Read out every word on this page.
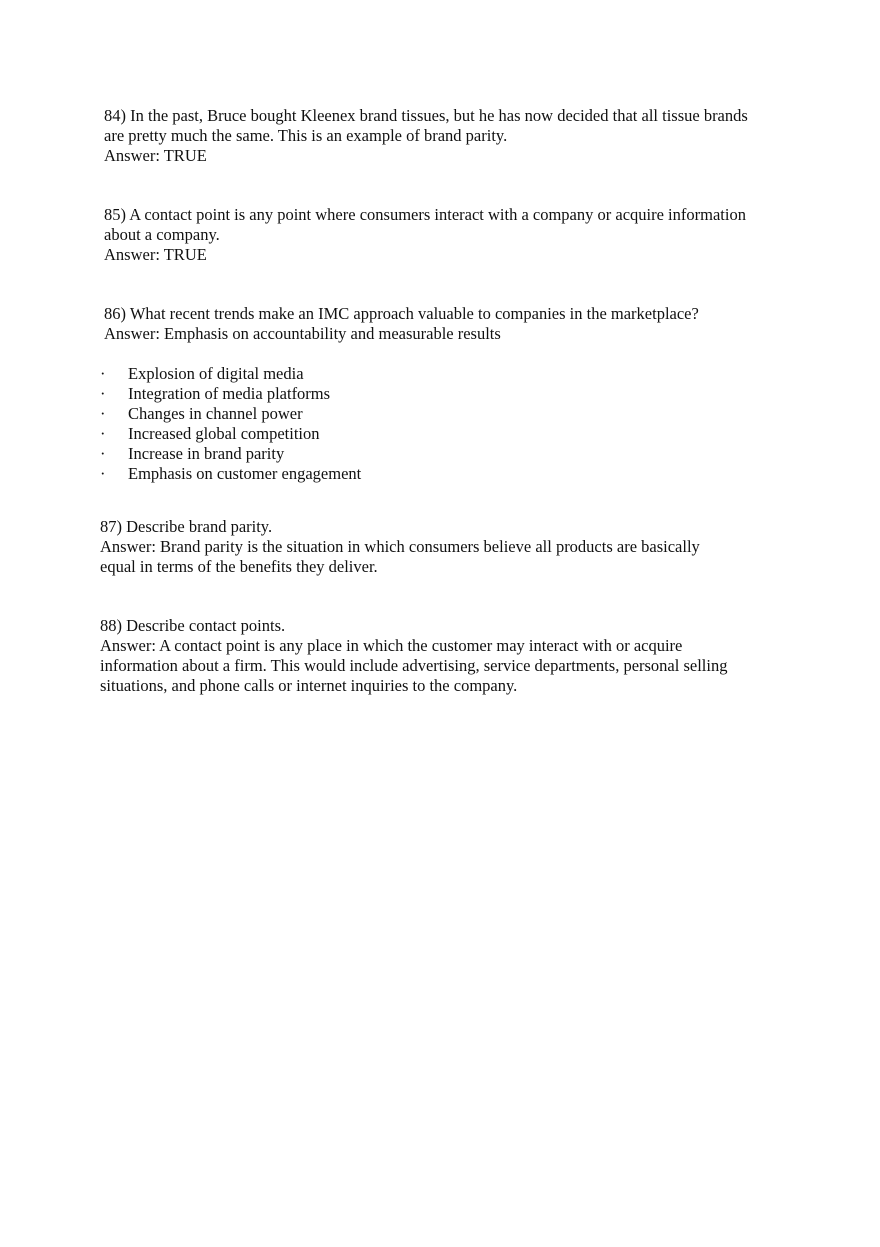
84) In the past, Bruce bought Kleenex brand tissues, but he has now decided that all tissue brands
are pretty much the same. This is an example of brand parity.
Answer: TRUE
85) A contact point is any point where consumers interact with a company or acquire information
about a company.
Answer: TRUE
86) What recent trends make an IMC approach valuable to companies in the marketplace?
Answer: Emphasis on accountability and measurable results
· Explosion of digital media
· Integration of media platforms
· Changes in channel power
· Increased global competition
· Increase in brand parity
· Emphasis on customer engagement
87) Describe brand parity.
Answer: Brand parity is the situation in which consumers believe all products are basically
equal in terms of the benefits they deliver.
88) Describe contact points.
Answer: A contact point is any place in which the customer may interact with or acquire
information about a firm. This would include advertising, service departments, personal selling
situations, and phone calls or internet inquiries to the company.
